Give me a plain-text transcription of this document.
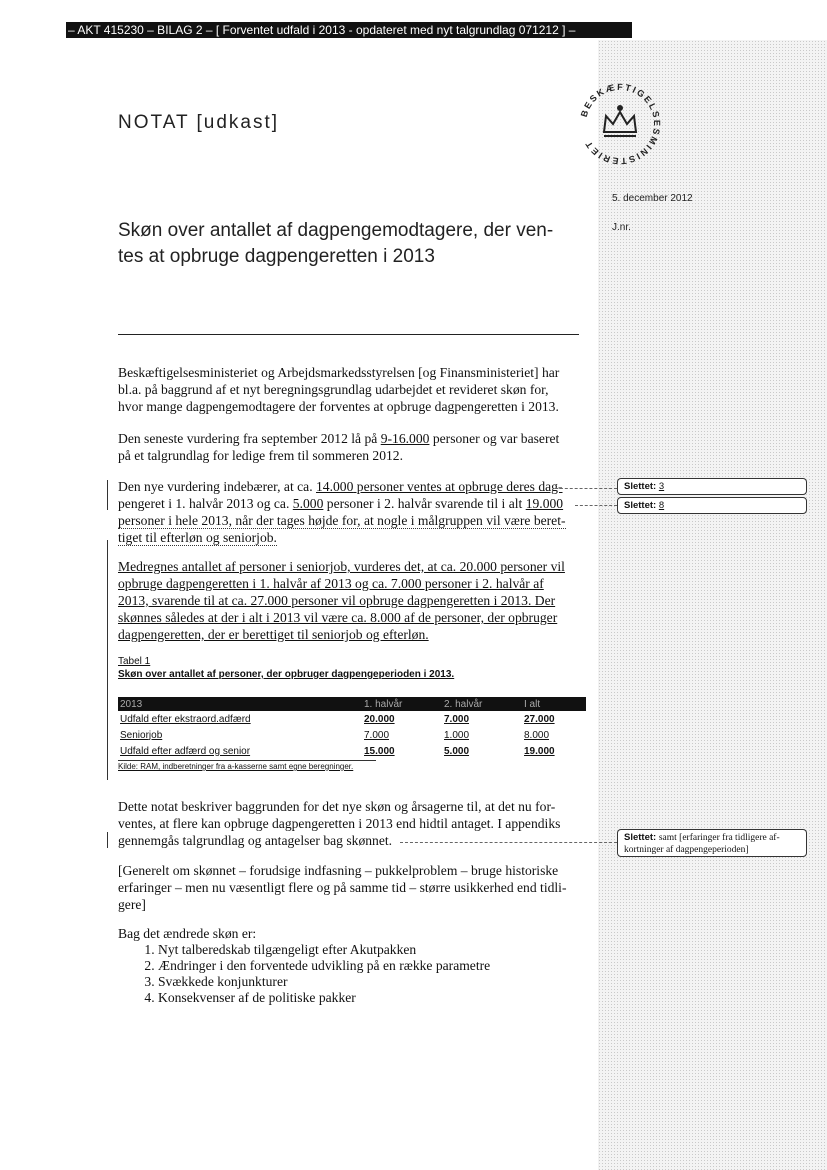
– AKT 415230 – BILAG 2 – [ Forventet udfald i 2013 - opdateret med nyt talgrundlag 071212 ] –
NOTAT [udkast]	BESKÆFTIGELSESMINISTERIET
5. december 2012
J.nr.
Skøn over antallet af dagpengemodtagere, der ven-
tes at opbruge dagpengeretten i 2013
Beskæftigelsesministeriet og Arbejdsmarkedsstyrelsen [og Finansministeriet] har
bl.a. på baggrund af et nyt beregningsgrundlag udarbejdet et revideret skøn for,
hvor mange dagpengemodtagere der forventes at opbruge dagpengeretten i 2013.
Den seneste vurdering fra september 2012 lå på 9-16.000 personer og var baseret
på et talgrundlag for ledige frem til sommeren 2012.
Den nye vurdering indebærer, at ca. 14.000 personer ventes at opbruge deres dag-
pengeret i 1. halvår 2013 og ca. 5.000 personer i 2. halvår svarende til i alt 19.000
personer i hele 2013, når der tages højde for, at nogle i målgruppen vil være beret-
tiget til efterløn og seniorjob.
Slettet: 3
Slettet: 8
Slettet: samt [erfaringer fra tidligere af-
kortninger af dagpengeperioden]
Medregnes antallet af personer i seniorjob, vurderes det, at ca. 20.000 personer vil
opbruge dagpengeretten i 1. halvår af 2013 og ca. 7.000 personer i 2. halvår af
2013, svarende til at ca. 27.000 personer vil opbruge dagpengeretten i 2013. Der
skønnes således at der i alt i 2013 vil være ca. 8.000 af de personer, der opbruger
dagpengeretten, der er berettiget til seniorjob og efterløn.
Tabel 1
Skøn over antallet af personer, der opbruger dagpengeperioden i 2013.
2013	1. halvår	2. halvår	I alt
Udfald efter ekstraord.adfærd	20.000	7.000	27.000
Seniorjob	7.000	1.000	8.000
Udfald efter adfærd og senior	15.000	5.000	19.000
Kilde: RAM, indberetninger fra a-kasserne samt egne beregninger.
Dette notat beskriver baggrunden for det nye skøn og årsagerne til, at det nu for-
ventes, at flere kan opbruge dagpengeretten i 2013 end hidtil antaget. I appendiks
gennemgås talgrundlag og antagelser bag skønnet.
[Generelt om skønnet – forudsige indfasning – pukkelproblem – bruge historiske
erfaringer – men nu væsentligt flere og på samme tid – større usikkerhed end tidli-
gere]
Bag det ændrede skøn er:
1. Nyt talberedskab tilgængeligt efter Akutpakken
2. Ændringer i den forventede udvikling på en række parametre
3. Svækkede konjunkturer
4. Konsekvenser af de politiske pakker
